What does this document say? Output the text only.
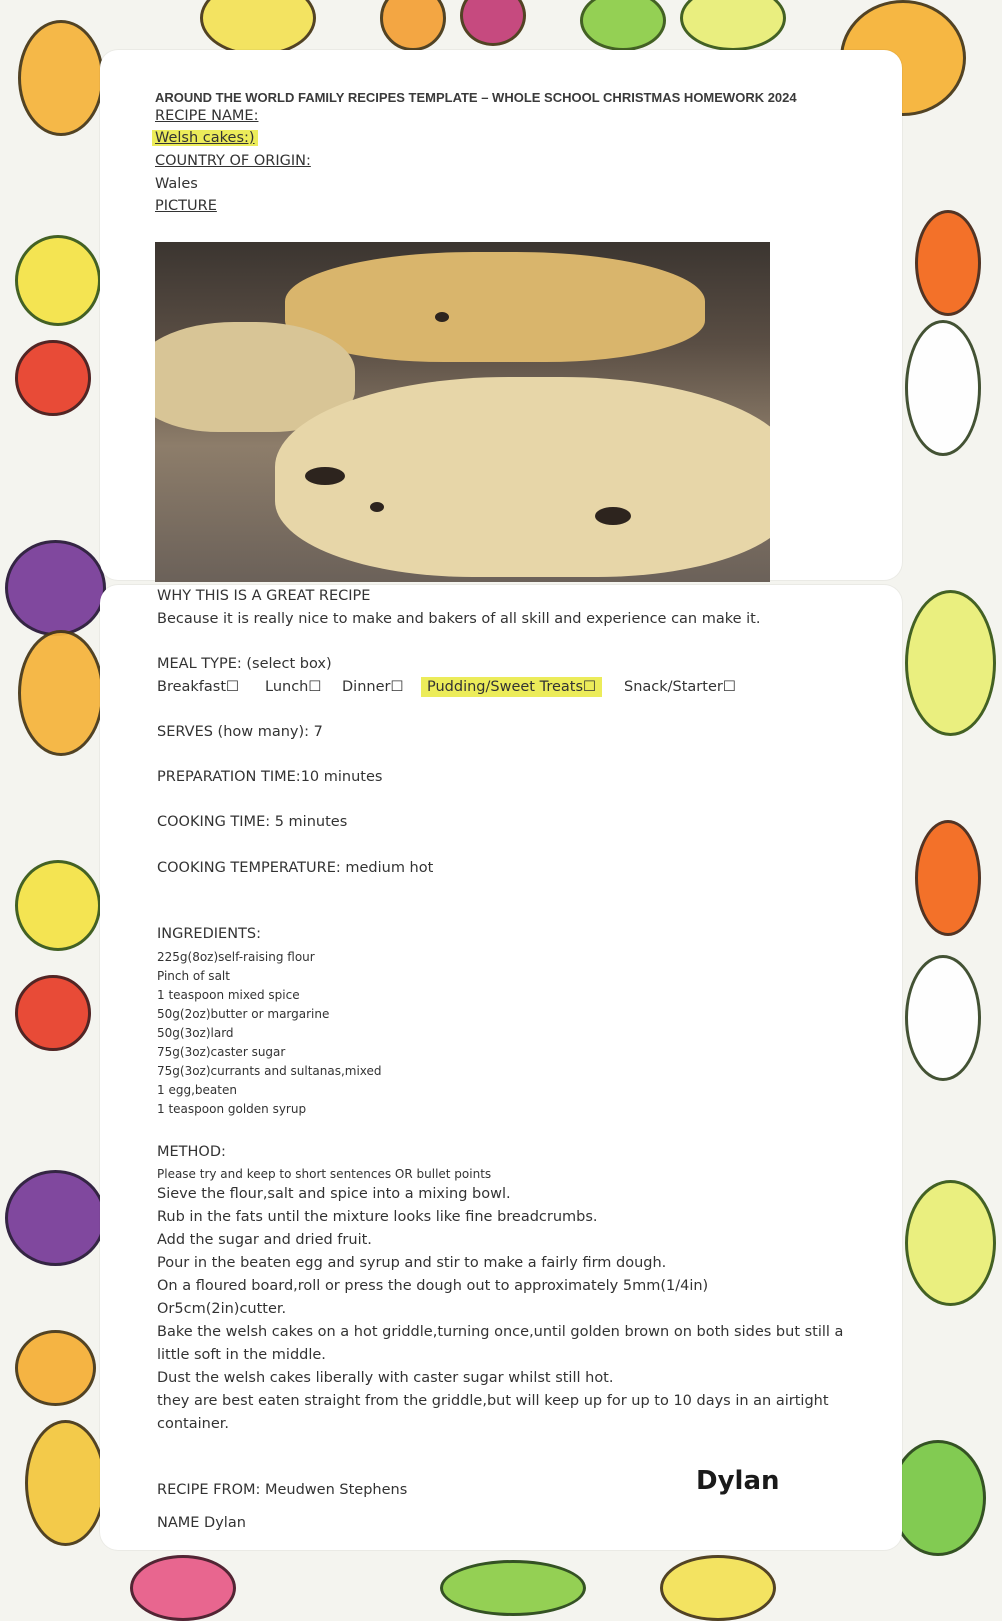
AROUND THE WORLD FAMILY RECIPES TEMPLATE – WHOLE SCHOOL CHRISTMAS HOMEWORK 2024
RECIPE NAME:
Welsh cakes:)
COUNTRY OF ORIGIN:
Wales
PICTURE
WHY THIS IS A GREAT RECIPE
Because it is really nice to make and bakers of all skill and experience can make it.
MEAL TYPE: (select box)
Breakfast☐ Lunch☐ Dinner☐	Pudding/Sweet Treats☐	Snack/Starter☐
SERVES (how many): 7
PREPARATION TIME:10 minutes
COOKING TIME: 5 minutes
COOKING TEMPERATURE: medium hot
INGREDIENTS:
225g(8oz)self-raising flour
Pinch of salt
1 teaspoon mixed spice
50g(2oz)butter or margarine
50g(3oz)lard
75g(3oz)caster sugar
75g(3oz)currants and sultanas,mixed
1 egg,beaten
1 teaspoon golden syrup
METHOD:
Please try and keep to short sentences OR bullet points
Sieve the flour,salt and spice into a mixing bowl.
Rub in the fats until the mixture looks like fine breadcrumbs.
Add the sugar and dried fruit.
Pour in the beaten egg and syrup and stir to make a fairly firm dough.
On a floured board,roll or press the dough out to approximately 5mm(1/4in)
Or5cm(2in)cutter.
Bake the welsh cakes on a hot griddle,turning once,until golden brown on both sides but still a
little soft in the middle.
Dust the welsh cakes liberally with caster sugar whilst still hot.
they are best eaten straight from the griddle,but will keep up for up to 10 days in an airtight
container.
RECIPE FROM: Meudwen Stephens
NAME Dylan
Dylan
